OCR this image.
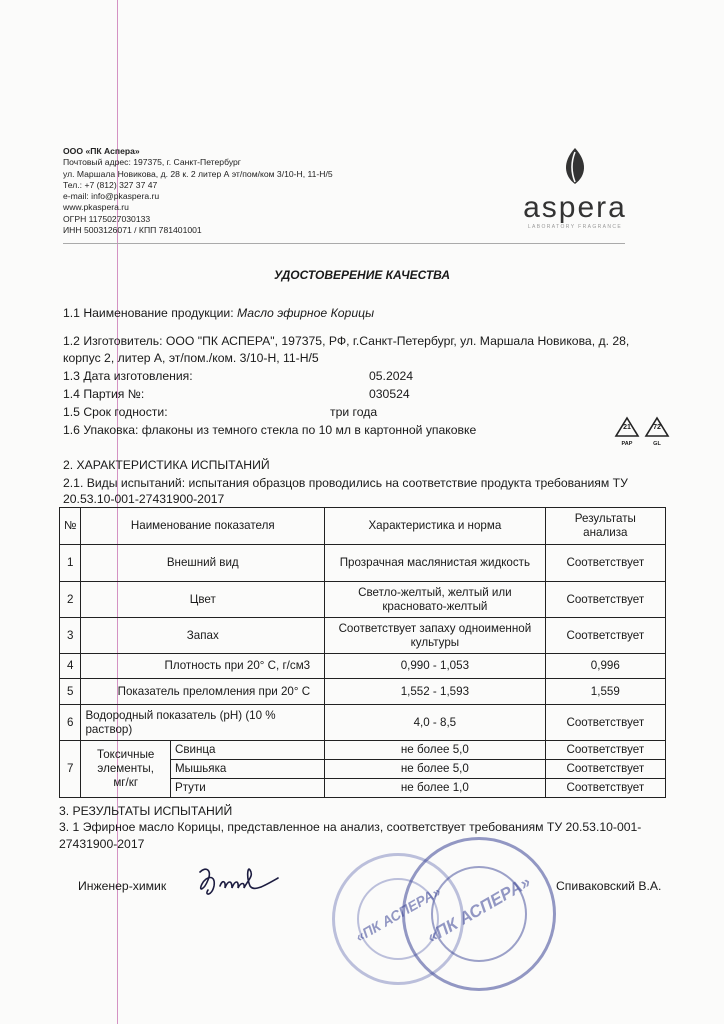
ООО «ПК Аспера»
Почтовый адрес: 197375, г. Санкт-Петербург
ул. Маршала Новикова, д. 28 к. 2 литер А эт/пом/ком 3/10-Н, 11-Н/5
Тел.: +7 (812) 327 37 47
e-mail: info@pkaspera.ru
www.pkaspera.ru
ОГРН 1175027030133
ИНН 5003126071 / КПП 781401001
aspera
LABORATORY FRAGRANCE
УДОСТОВЕРЕНИЕ КАЧЕСТВА
1.1 Наименование продукции: Масло эфирное Корицы
1.2 Изготовитель: ООО "ПК АСПЕРА", 197375, РФ, г.Санкт-Петербург, ул. Маршала Новикова, д. 28,
корпус 2, литер А, эт/пом./ком. 3/10-Н, 11-Н/5
1.3 Дата изготовления:	05.2024
1.4 Партия №:	030524
1.5 Срок годности:	три года
1.6 Упаковка: флаконы из темного стекла по 10 мл в картонной упаковке	21
PAP
72
GL
2. ХАРАКТЕРИСТИКА ИСПЫТАНИЙ
2.1. Виды испытаний: испытания образцов проводились на соответствие продукта требованиям ТУ
20.53.10-001-27431900-2017
№	Наименование показателя		Характеристика и норма	Результаты
анализа

1	Внешний вид		Прозрачная маслянистая жидкость	Соответствует
2	Цвет		Светло-желтый, желтый или
красновато-желтый	Соответствует
3	Запах		Соответствует запаху одноименной
культуры	Соответствует
4	Плотность при 20° С, г/см3		0,990 - 1,053	0,996
5	Показатель преломления при 20° С		1,552 - 1,593	1,559
6	Водородный показатель (pH) (10 %
раствор)		4,0 - 8,5	Соответствует
7	Токсичные
элементы,
мг/кг	Свинца	не более 5,0	Соответствует
		Мышьяка	не более 5,0	Соответствует
		Ртути	не более 1,0	Соответствует
3. РЕЗУЛЬТАТЫ ИСПЫТАНИЙ
3. 1 Эфирное масло Корицы, представленное на анализ, соответствует требованиям ТУ 20.53.10-001-
27431900-2017
Инженер-химик	Спиваковский В.А.
«ПК АСПЕРА»
«ПК АСПЕРА»
